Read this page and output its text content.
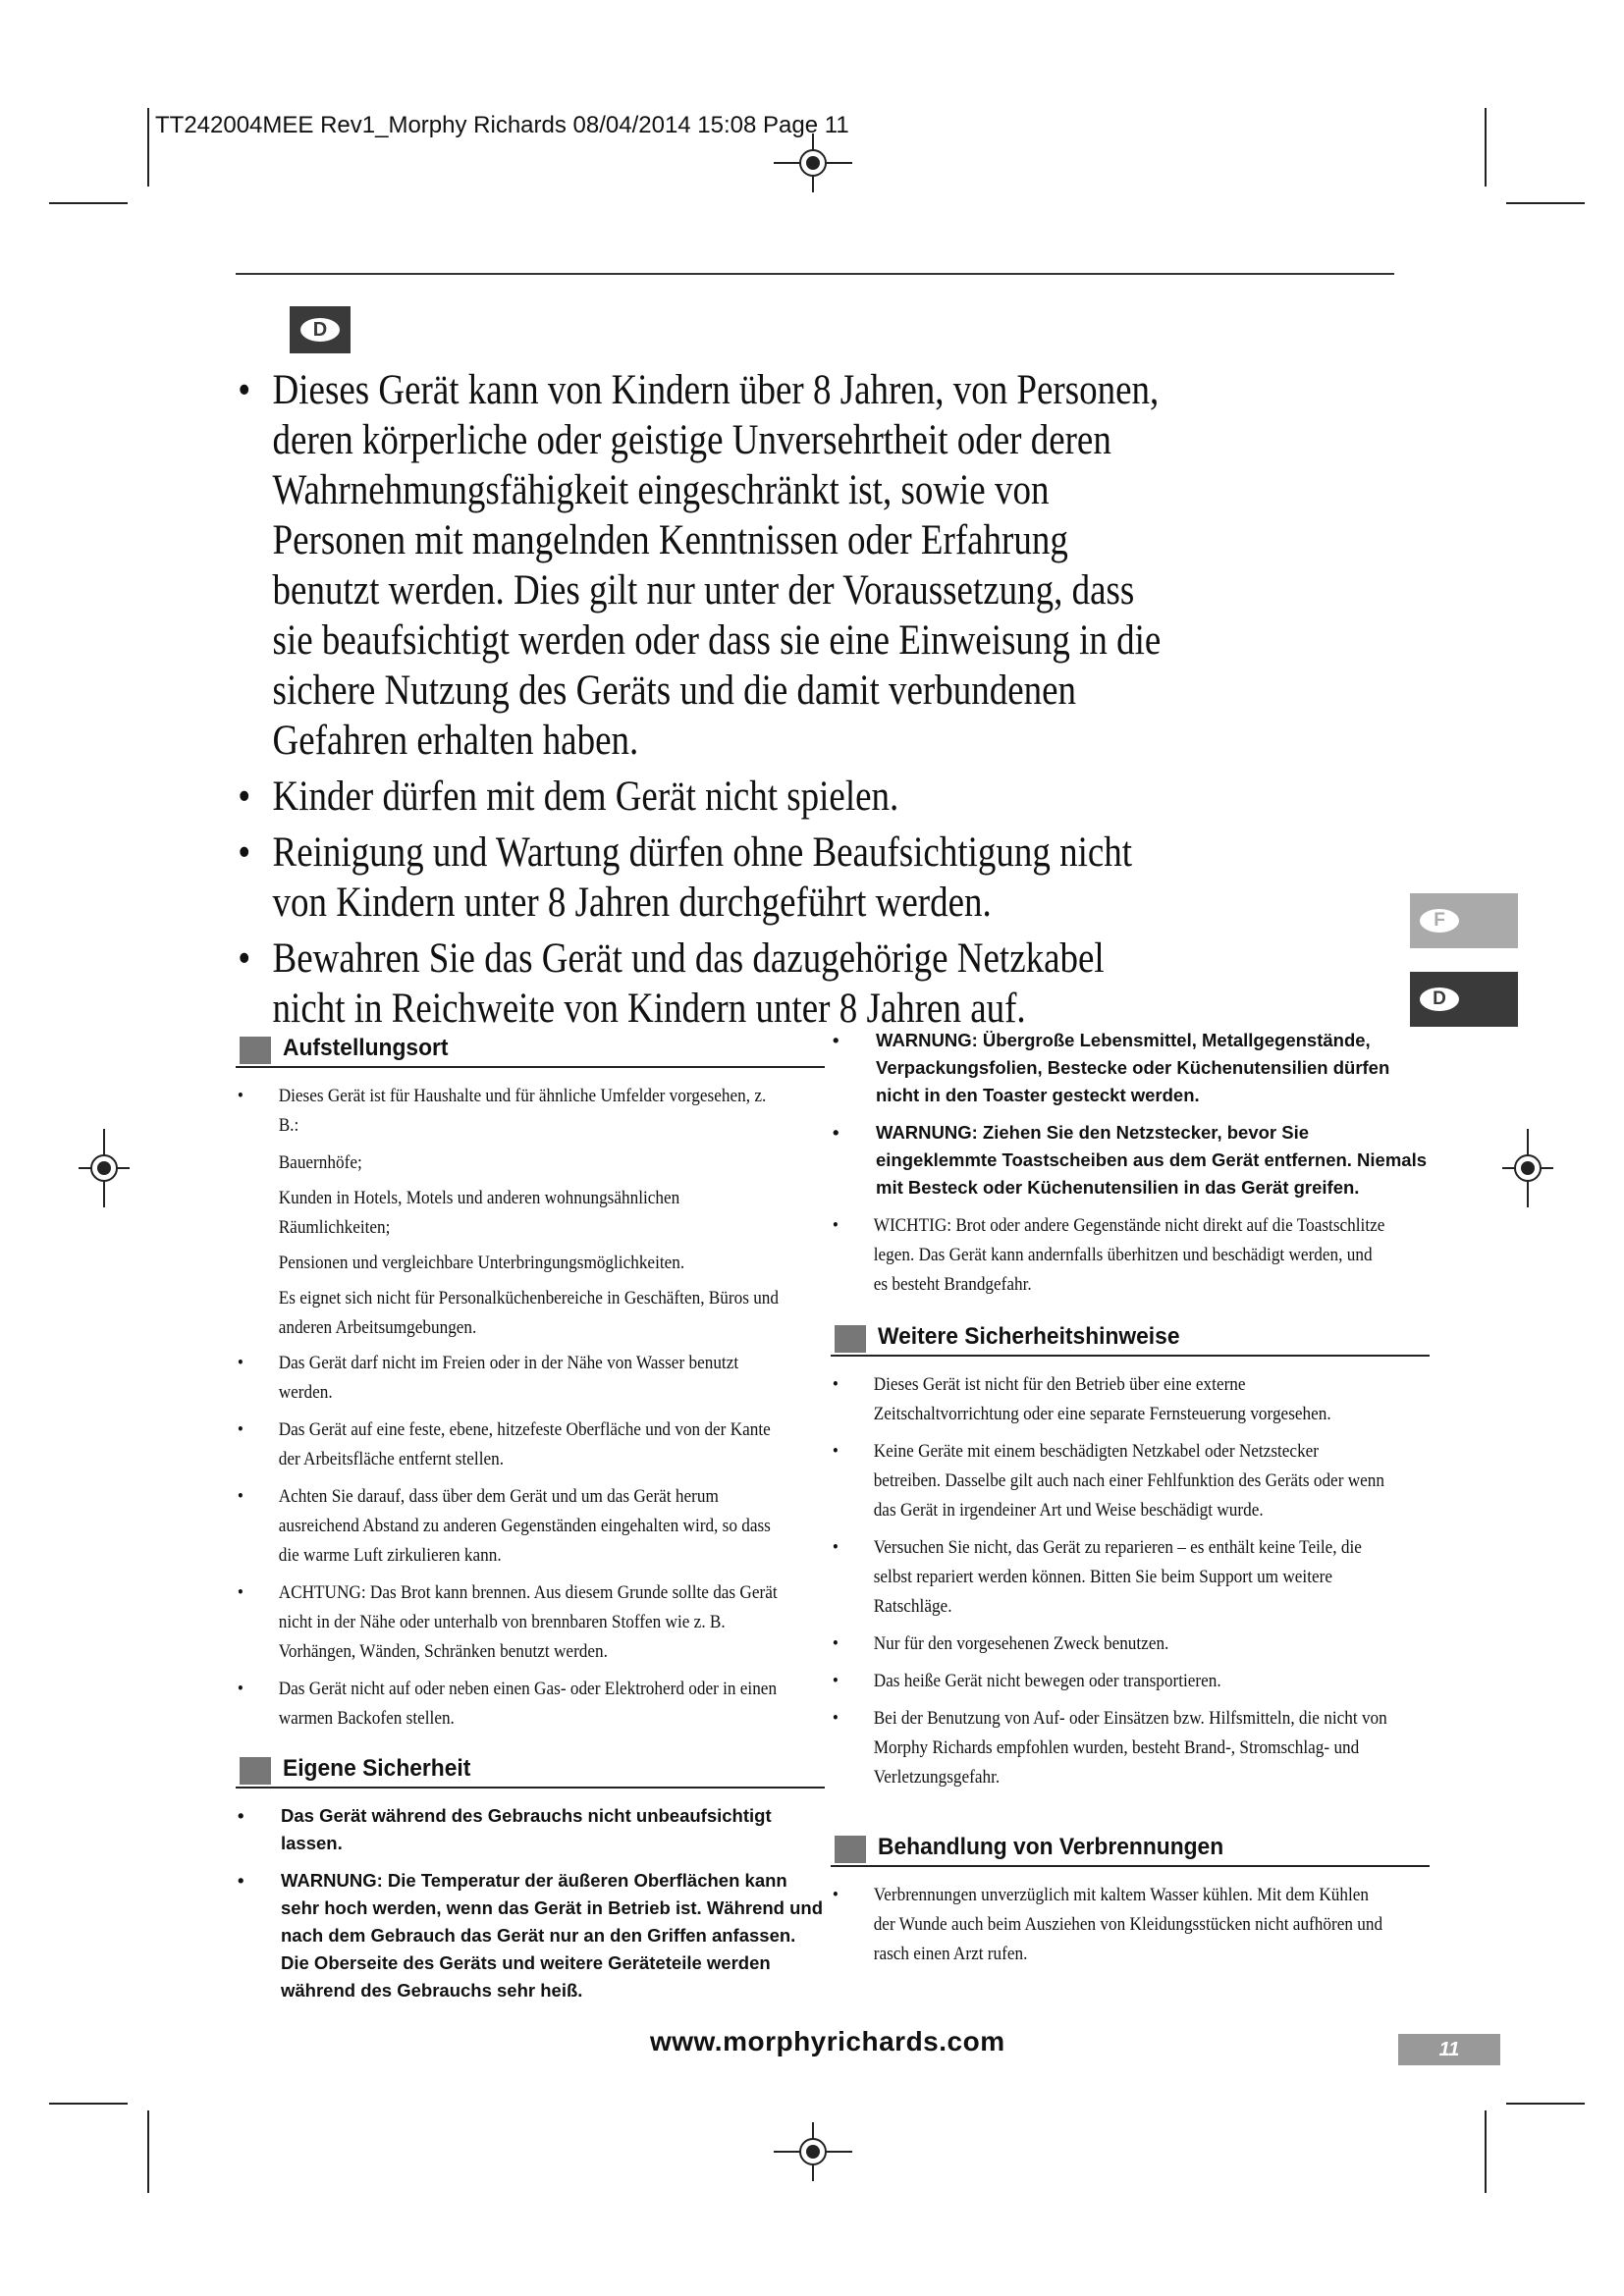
TT242004MEE Rev1_Morphy Richards 08/04/2014 15:08 Page 11
D
F
D
• Dieses Gerät kann von Kindern über 8 Jahren, von Personen, deren körperliche oder geistige Unversehrtheit oder deren Wahrnehmungsfähigkeit eingeschränkt ist, sowie von Personen mit mangelnden Kenntnissen oder Erfahrung benutzt werden. Dies gilt nur unter der Voraussetzung, dass sie beaufsichtigt werden oder dass sie eine Einweisung in die sichere Nutzung des Geräts und die damit verbundenen Gefahren erhalten haben.
• Kinder dürfen mit dem Gerät nicht spielen.
• Reinigung und Wartung dürfen ohne Beaufsichtigung nicht von Kindern unter 8 Jahren durchgeführt werden.
• Bewahren Sie das Gerät und das dazugehörige Netzkabel nicht in Reichweite von Kindern unter 8 Jahren auf.
Aufstellungsort

• Dieses Gerät ist für Haushalte und für ähnliche Umfelder vorgesehen, z. B.:

Bauernhöfe;

Kunden in Hotels, Motels und anderen wohnungsähnlichen Räumlichkeiten;

Pensionen und vergleichbare Unterbringungsmöglichkeiten.

Es eignet sich nicht für Personalküchenbereiche in Geschäften, Büros und anderen Arbeitsumgebungen.

• Das Gerät darf nicht im Freien oder in der Nähe von Wasser benutzt werden.

• Das Gerät auf eine feste, ebene, hitzefeste Oberfläche und von der Kante der Arbeitsfläche entfernt stellen.

• Achten Sie darauf, dass über dem Gerät und um das Gerät herum ausreichend Abstand zu anderen Gegenständen eingehalten wird, so dass die warme Luft zirkulieren kann.

• ACHTUNG: Das Brot kann brennen. Aus diesem Grunde sollte das Gerät nicht in der Nähe oder unterhalb von brennbaren Stoffen wie z. B. Vorhängen, Wänden, Schränken benutzt werden.

• Das Gerät nicht auf oder neben einen Gas- oder Elektroherd oder in einen warmen Backofen stellen.

Eigene Sicherheit

• Das Gerät während des Gebrauchs nicht unbeaufsichtigt lassen.

• WARNUNG: Die Temperatur der äußeren Oberflächen kann sehr hoch werden, wenn das Gerät in Betrieb ist. Während und nach dem Gebrauch das Gerät nur an den Griffen anfassen. Die Oberseite des Geräts und weitere Geräteteile werden während des Gebrauchs sehr heiß.

• WARNUNG: Übergroße Lebensmittel, Metallgegenstände, Verpackungsfolien, Bestecke oder Küchenutensilien dürfen nicht in den Toaster gesteckt werden.

• WARNUNG: Ziehen Sie den Netzstecker, bevor Sie eingeklemmte Toastscheiben aus dem Gerät entfernen. Niemals mit Besteck oder Küchenutensilien in das Gerät greifen.

• WICHTIG: Brot oder andere Gegenstände nicht direkt auf die Toastschlitze legen. Das Gerät kann andernfalls überhitzen und beschädigt werden, und es besteht Brandgefahr.

Weitere Sicherheitshinweise

• Dieses Gerät ist nicht für den Betrieb über eine externe Zeitschaltvorrichtung oder eine separate Fernsteuerung vorgesehen.

• Keine Geräte mit einem beschädigten Netzkabel oder Netzstecker betreiben. Dasselbe gilt auch nach einer Fehlfunktion des Geräts oder wenn das Gerät in irgendeiner Art und Weise beschädigt wurde.

• Versuchen Sie nicht, das Gerät zu reparieren – es enthält keine Teile, die selbst repariert werden können. Bitten Sie beim Support um weitere Ratschläge.

• Nur für den vorgesehenen Zweck benutzen.

• Das heiße Gerät nicht bewegen oder transportieren.

• Bei der Benutzung von Auf- oder Einsätzen bzw. Hilfsmitteln, die nicht von Morphy Richards empfohlen wurden, besteht Brand-, Stromschlag- und Verletzungsgefahr.

Behandlung von Verbrennungen

• Verbrennungen unverzüglich mit kaltem Wasser kühlen. Mit dem Kühlen der Wunde auch beim Ausziehen von Kleidungsstücken nicht aufhören und rasch einen Arzt rufen.

www.morphyrichards.com	11
